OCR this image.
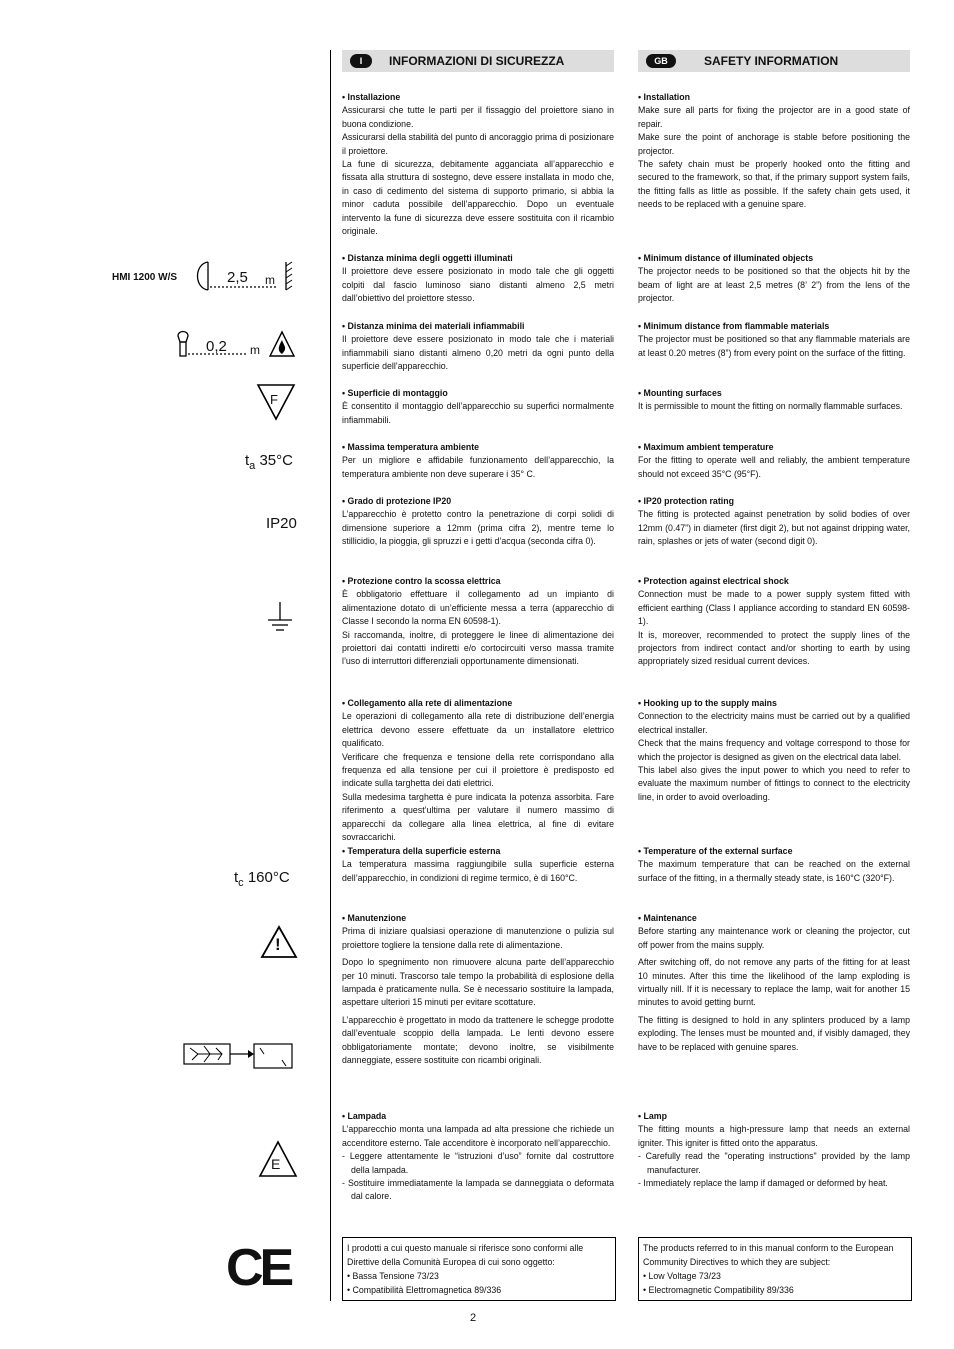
HMI 1200 W/S	2,5 m
0,2 m
F
$t_a$ 35°C
IP20
$t_c$ 160°C
!
E
CE
I	INFORMAZIONI DI SICUREZZA
• Installazione

Assicurarsi che tutte le parti per il fissaggio del proiettore siano in buona condizione.

Assicurarsi della stabilità del punto di ancoraggio prima di posizionare il proiettore.

La fune di sicurezza, debitamente agganciata all’apparecchio e fissata alla struttura di sostegno, deve essere installata in modo che, in caso di cedimento del sistema di supporto primario, si abbia la minor caduta possibile dell’apparecchio. Dopo un eventuale intervento la fune di sicurezza deve essere sostituita con il ricambio originale.

• Distanza minima degli oggetti illuminati

Il proiettore deve essere posizionato in modo tale che gli oggetti colpiti dal fascio luminoso siano distanti almeno 2,5 metri dall’obiettivo del proiettore stesso.

• Distanza minima dei materiali infiammabili

Il proiettore deve essere posizionato in modo tale che i materiali infiammabili siano distanti almeno 0,20 metri da ogni punto della superficie dell’apparecchio.

• Superficie di montaggio

È consentito il montaggio dell’apparecchio su superfici normalmente infiammabili.

• Massima temperatura ambiente

Per un migliore e affidabile funzionamento dell’apparecchio, la temperatura ambiente non deve superare i 35° C.

• Grado di protezione IP20

L’apparecchio è protetto contro la penetrazione di corpi solidi di dimensione superiore a 12mm (prima cifra 2), mentre teme lo stillicidio, la pioggia, gli spruzzi e i getti d’acqua (seconda cifra 0).

• Protezione contro la scossa elettrica

È obbligatorio effettuare il collegamento ad un impianto di alimentazione dotato di un’efficiente messa a terra (apparecchio di Classe I secondo la norma EN 60598-1).

Si raccomanda, inoltre, di proteggere le linee di alimentazione dei proiettori dai contatti indiretti e/o cortocircuiti verso massa tramite l’uso di interruttori differenziali opportunamente dimensionati.

• Collegamento alla rete di alimentazione

Le operazioni di collegamento alla rete di distribuzione dell’energia elettrica devono essere effettuate da un installatore elettrico qualificato.

Verificare che frequenza e tensione della rete corrispondano alla frequenza ed alla tensione per cui il proiettore è predisposto ed indicate sulla targhetta dei dati elettrici.

Sulla medesima targhetta è pure indicata la potenza assorbita. Fare riferimento a quest’ultima per valutare il numero massimo di apparecchi da collegare alla linea elettrica, al fine di evitare sovraccarichi.

• Temperatura della superficie esterna

La temperatura massima raggiungibile sulla superficie esterna dell’apparecchio, in condizioni di regime termico, è di 160°C.

• Manutenzione

Prima di iniziare qualsiasi operazione di manutenzione o pulizia sul proiettore togliere la tensione dalla rete di alimentazione.

Dopo lo spegnimento non rimuovere alcuna parte dell’apparecchio per 10 minuti. Trascorso tale tempo la probabilità di esplosione della lampada è praticamente nulla. Se è necessario sostituire la lampada, aspettare ulteriori 15 minuti per evitare scottature.

L’apparecchio è progettato in modo da trattenere le schegge prodotte dall’eventuale scoppio della lampada. Le lenti devono essere obbligatoriamente montate; devono inoltre, se visibilmente danneggiate, essere sostituite con ricambi originali.

• Lampada

L’apparecchio monta una lampada ad alta pressione che richiede un accenditore esterno. Tale accenditore è incorporato nell’apparecchio.

- Leggere attentamente le “istruzioni d’uso” fornite dal costruttore della lampada.
- Sostituire immediatamente la lampada se danneggiata o deformata dal calore.
I prodotti a cui questo manuale si riferisce sono conformi alle Direttive della Comunità Europea di cui sono oggetto:
• Bassa Tensione 73/23
• Compatibilità Elettromagnetica 89/336
GB	SAFETY INFORMATION
• Installation

Make sure all parts for fixing the projector are in a good state of repair.

Make sure the point of anchorage is stable before positioning the projector.

The safety chain must be properly hooked onto the fitting and secured to the framework, so that, if the primary support system fails, the fitting falls as little as possible. If the safety chain gets used, it needs to be replaced with a genuine spare.

• Minimum distance of illuminated objects

The projector needs to be positioned so that the objects hit by the beam of light are at least 2,5 metres (8’ 2”) from the lens of the projector.

• Minimum distance from flammable materials

The projector must be positioned so that any flammable materials are at least 0.20 metres (8”) from every point on the surface of the fitting.

• Mounting surfaces

It is permissible to mount the fitting on normally flammable surfaces.

• Maximum ambient temperature

For the fitting to operate well and reliably, the ambient temperature should not exceed 35°C (95°F).

• IP20 protection rating

The fitting is protected against penetration by solid bodies of over 12mm (0.47”) in diameter (first digit 2), but not against dripping water, rain, splashes or jets of water (second digit 0).

• Protection against electrical shock

Connection must be made to a power supply system fitted with efficient earthing (Class I appliance according to standard EN 60598-1).

It is, moreover, recommended to protect the supply lines of the projectors from indirect contact and/or shorting to earth by using appropriately sized residual current devices.

• Hooking up to the supply mains

Connection to the electricity mains must be carried out by a qualified electrical installer.

Check that the mains frequency and voltage correspond to those for which the projector is designed as given on the electrical data label.

This label also gives the input power to which you need to refer to evaluate the maximum number of fittings to connect to the electricity line, in order to avoid overloading.

• Temperature of the external surface

The maximum temperature that can be reached on the external surface of the fitting, in a thermally steady state, is 160°C (320°F).

• Maintenance

Before starting any maintenance work or cleaning the projector, cut off power from the mains supply.

After switching off, do not remove any parts of the fitting for at least 10 minutes. After this time the likelihood of the lamp exploding is virtually nill. If it is necessary to replace the lamp, wait for another 15 minutes to avoid getting burnt.

The fitting is designed to hold in any splinters produced by a lamp exploding. The lenses must be mounted and, if visibly damaged, they have to be replaced with genuine spares.

• Lamp

The fitting mounts a high-pressure lamp that needs an external igniter. This igniter is fitted onto the apparatus.

- Carefully read the "operating instructions" provided by the lamp manufacturer.
- Immediately replace the lamp if damaged or deformed by heat.
The products referred to in this manual conform to the European Community Directives to which they are subject:
• Low Voltage 73/23
• Electromagnetic Compatibility 89/336
2
